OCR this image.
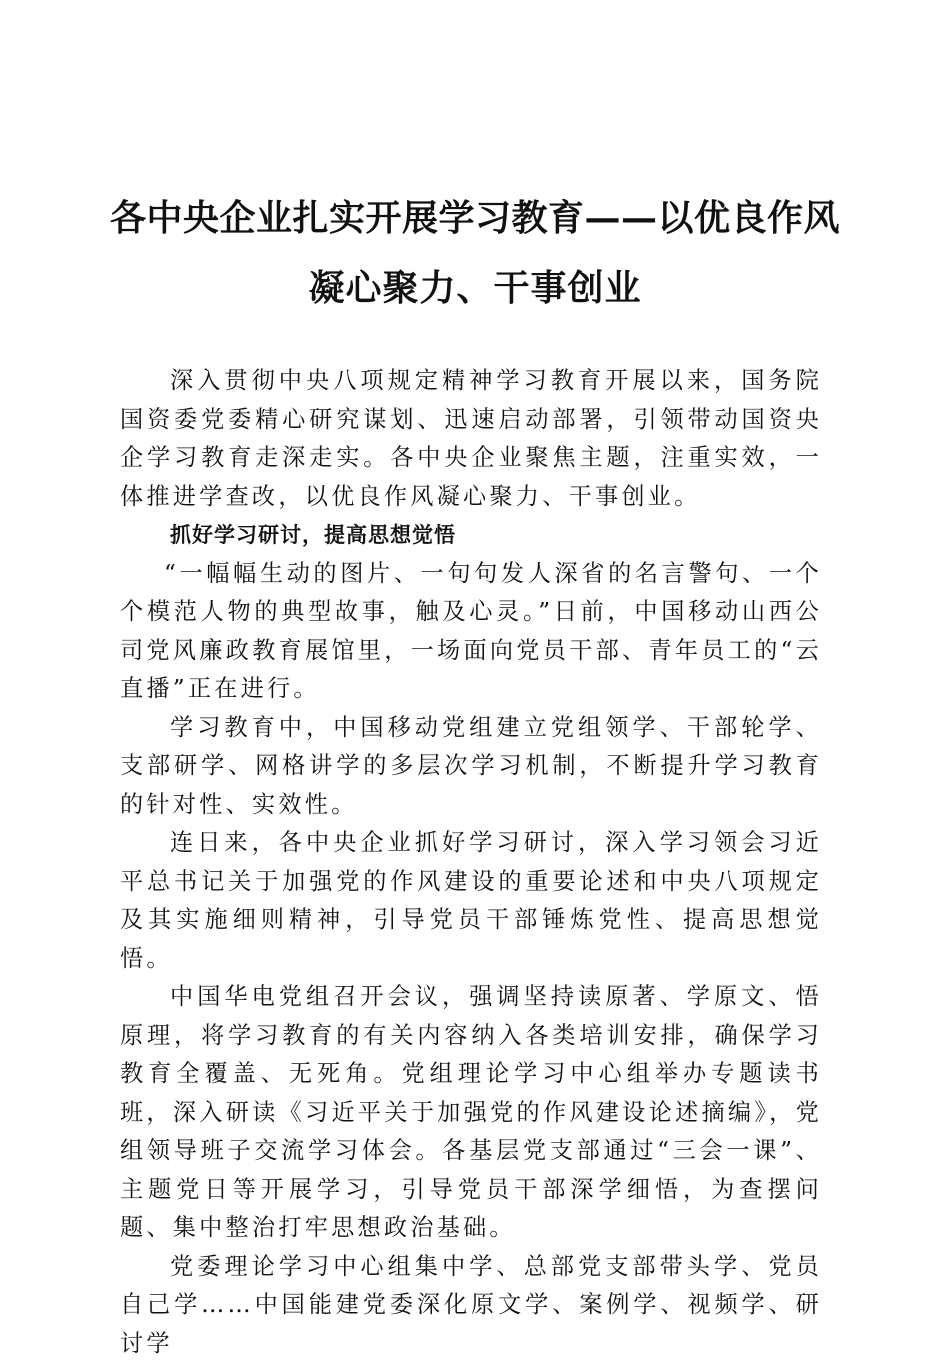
各中央企业扎实开展学习教育——以优良作风
凝心聚力、干事创业

深入贯彻中央八项规定精神学习教育开展以来，国务院国资委党委精心研究谋划、迅速启动部署，引领带动国资央企学习教育走深走实。各中央企业聚焦主题，注重实效，一体推进学查改，以优良作风凝心聚力、干事创业。

抓好学习研讨，提高思想觉悟

“一幅幅生动的图片、一句句发人深省的名言警句、一个个模范人物的典型故事，触及心灵。”日前，中国移动山西公司党风廉政教育展馆里，一场面向党员干部、青年员工的“云直播”正在进行。

学习教育中，中国移动党组建立党组领学、干部轮学、支部研学、网格讲学的多层次学习机制，不断提升学习教育的针对性、实效性。

连日来，各中央企业抓好学习研讨，深入学习领会习近平总书记关于加强党的作风建设的重要论述和中央八项规定及其实施细则精神，引导党员干部锤炼党性、提高思想觉悟。

中国华电党组召开会议，强调坚持读原著、学原文、悟原理，将学习教育的有关内容纳入各类培训安排，确保学习教育全覆盖、无死角。党组理论学习中心组举办专题读书班，深入研读《习近平关于加强党的作风建设论述摘编》，党组领导班子交流学习体会。各基层党支部通过“三会一课”、主题党日等开展学习，引导党员干部深学细悟，为查摆问题、集中整治打牢思想政治基础。

党委理论学习中心组集中学、总部党支部带头学、党员自己学……中国能建党委深化原文学、案例学、视频学、研讨学
